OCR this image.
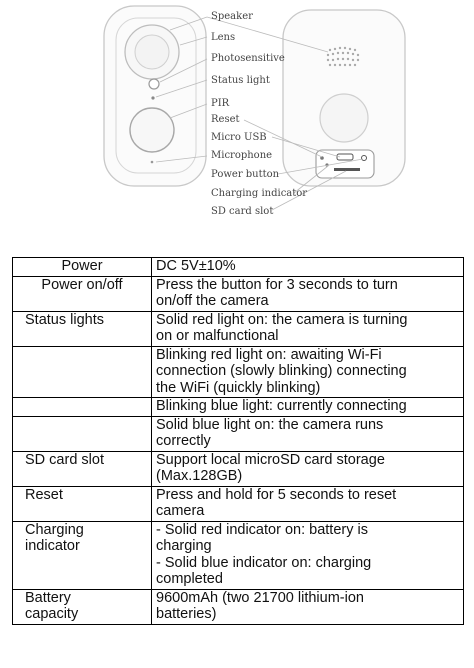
Speaker
Lens
Photosensitive
Status light
PIR
Reset
Micro USB
Microphone
Power button
Charging indicator
SD card slot
Power	DC 5V±10%

Power on/off	Press the button for 3 seconds to turn
on/off the camera

Status lights	Solid red light on: the camera is turning
on or malfunctional

	Blinking red light on: awaiting Wi-Fi
connection (slowly blinking) connecting
the WiFi (quickly blinking)

	Blinking blue light: currently connecting

	Solid blue light on: the camera runs
correctly

SD card slot	Support local microSD card storage
(Max.128GB)

Reset	Press and hold for 5 seconds to reset
camera

Charging
indicator	- Solid red indicator on: battery is
charging
- Solid blue indicator on: charging
completed

Battery
capacity	9600mAh (two 21700 lithium-ion
batteries)
